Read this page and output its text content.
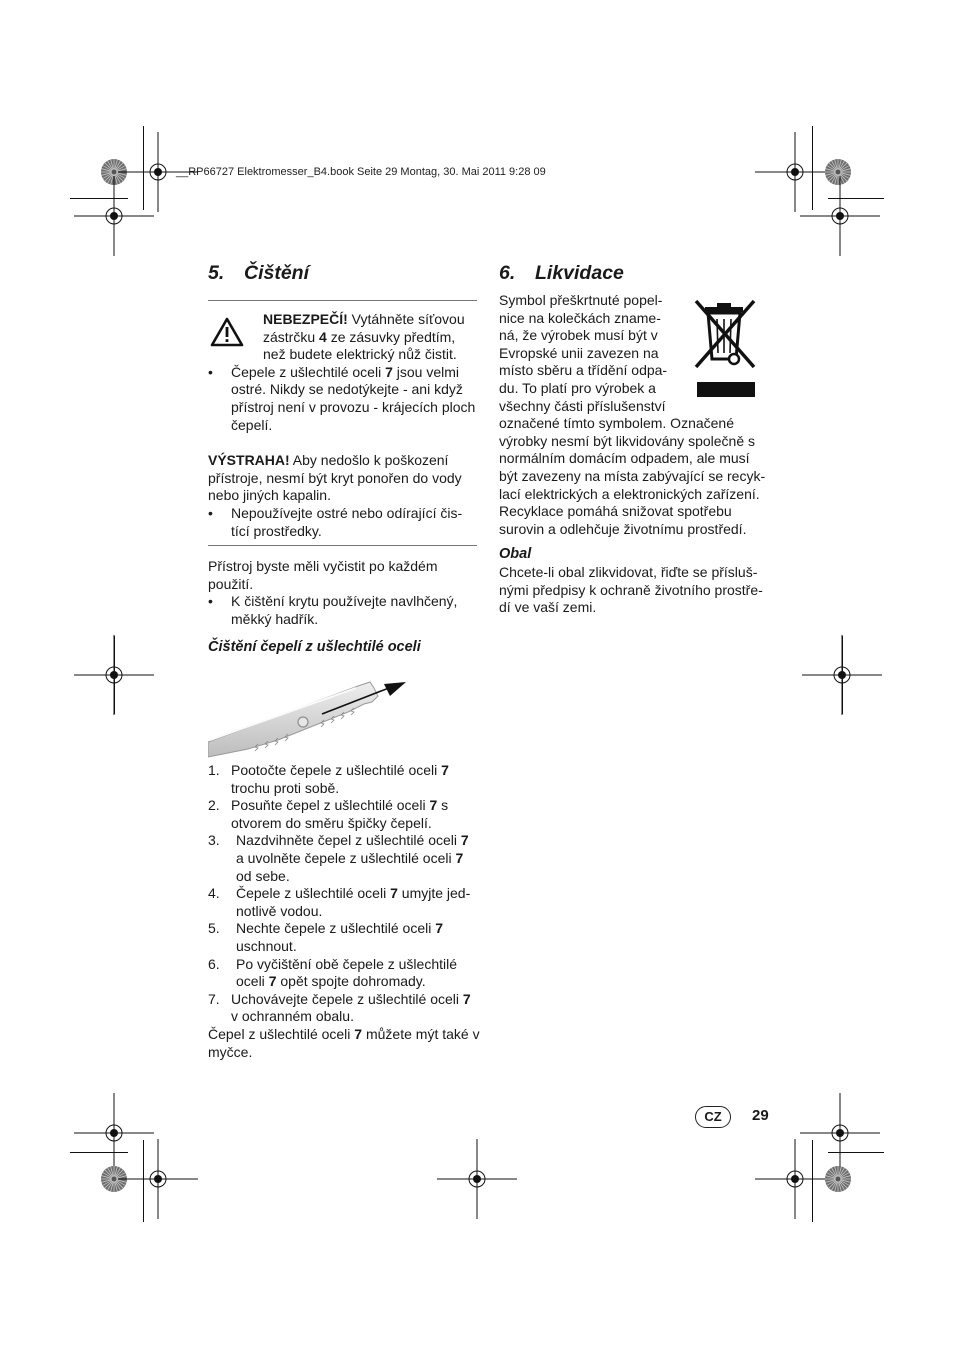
__RP66727 Elektromesser_B4.book Seite 29 Montag, 30. Mai 2011 9:28 09
5. Čištění

NEBEZPEČÍ! Vytáhněte síťovou

zástrčku 4 ze zásuvky předtím,

než budete elektrický nůž čistit.

• Čepele z ušlechtilé oceli 7 jsou velmi ostré. Nikdy se nedotýkejte - ani když přístroj není v provozu - krájecích ploch čepelí.

VÝSTRAHA! Aby nedošlo k poškození přístroje, nesmí být kryt ponořen do vody nebo jiných kapalin.

• Nepoužívejte ostré nebo odírající čis-tící prostředky.

Přístroj byste měli vyčistit po každém použití.

• K čištění krytu používejte navlhčený, měkký hadřík.

Čištění čepelí z ušlechtilé oceli

1. Pootočte čepele z ušlechtilé oceli 7 trochu proti sobě.

2. Posuňte čepel z ušlechtilé oceli 7 s otvorem do směru špičky čepelí.

3. Nazdvihněte čepel z ušlechtilé oceli 7 a uvolněte čepele z ušlechtilé oceli 7 od sebe.

4. Čepele z ušlechtilé oceli 7 umyjte jed-notlivě vodou.

5. Nechte čepele z ušlechtilé oceli 7 uschnout.

6. Po vyčištění obě čepele z ušlechtilé oceli 7 opět spojte dohromady.

7. Uchovávejte čepele z ušlechtilé oceli 7 v ochranném obalu.

Čepel z ušlechtilé oceli 7 můžete mýt také v myčce.

6. Likvidace
Symbol přeškrtnuté popel-
nice na kolečkách zname-
ná, že výrobek musí být v
Evropské unii zavezen na
místo sběru a třídění odpa-
du. To platí pro výrobek a
všechny části příslušenství
označené tímto symbolem. Označené
výrobky nesmí být likvidovány společně s
normálním domácím odpadem, ale musí
být zavezeny na místa zabývající se recyk-
lací elektrických a elektronických zařízení.
Recyklace pomáhá snižovat spotřebu
surovin a odlehčuje životnímu prostředí.

Obal

Chcete-li obal zlikvidovat, řiďte se přísluš-
nými předpisy k ochraně životního prostře-
dí ve vaší zemi.
CZ	29
